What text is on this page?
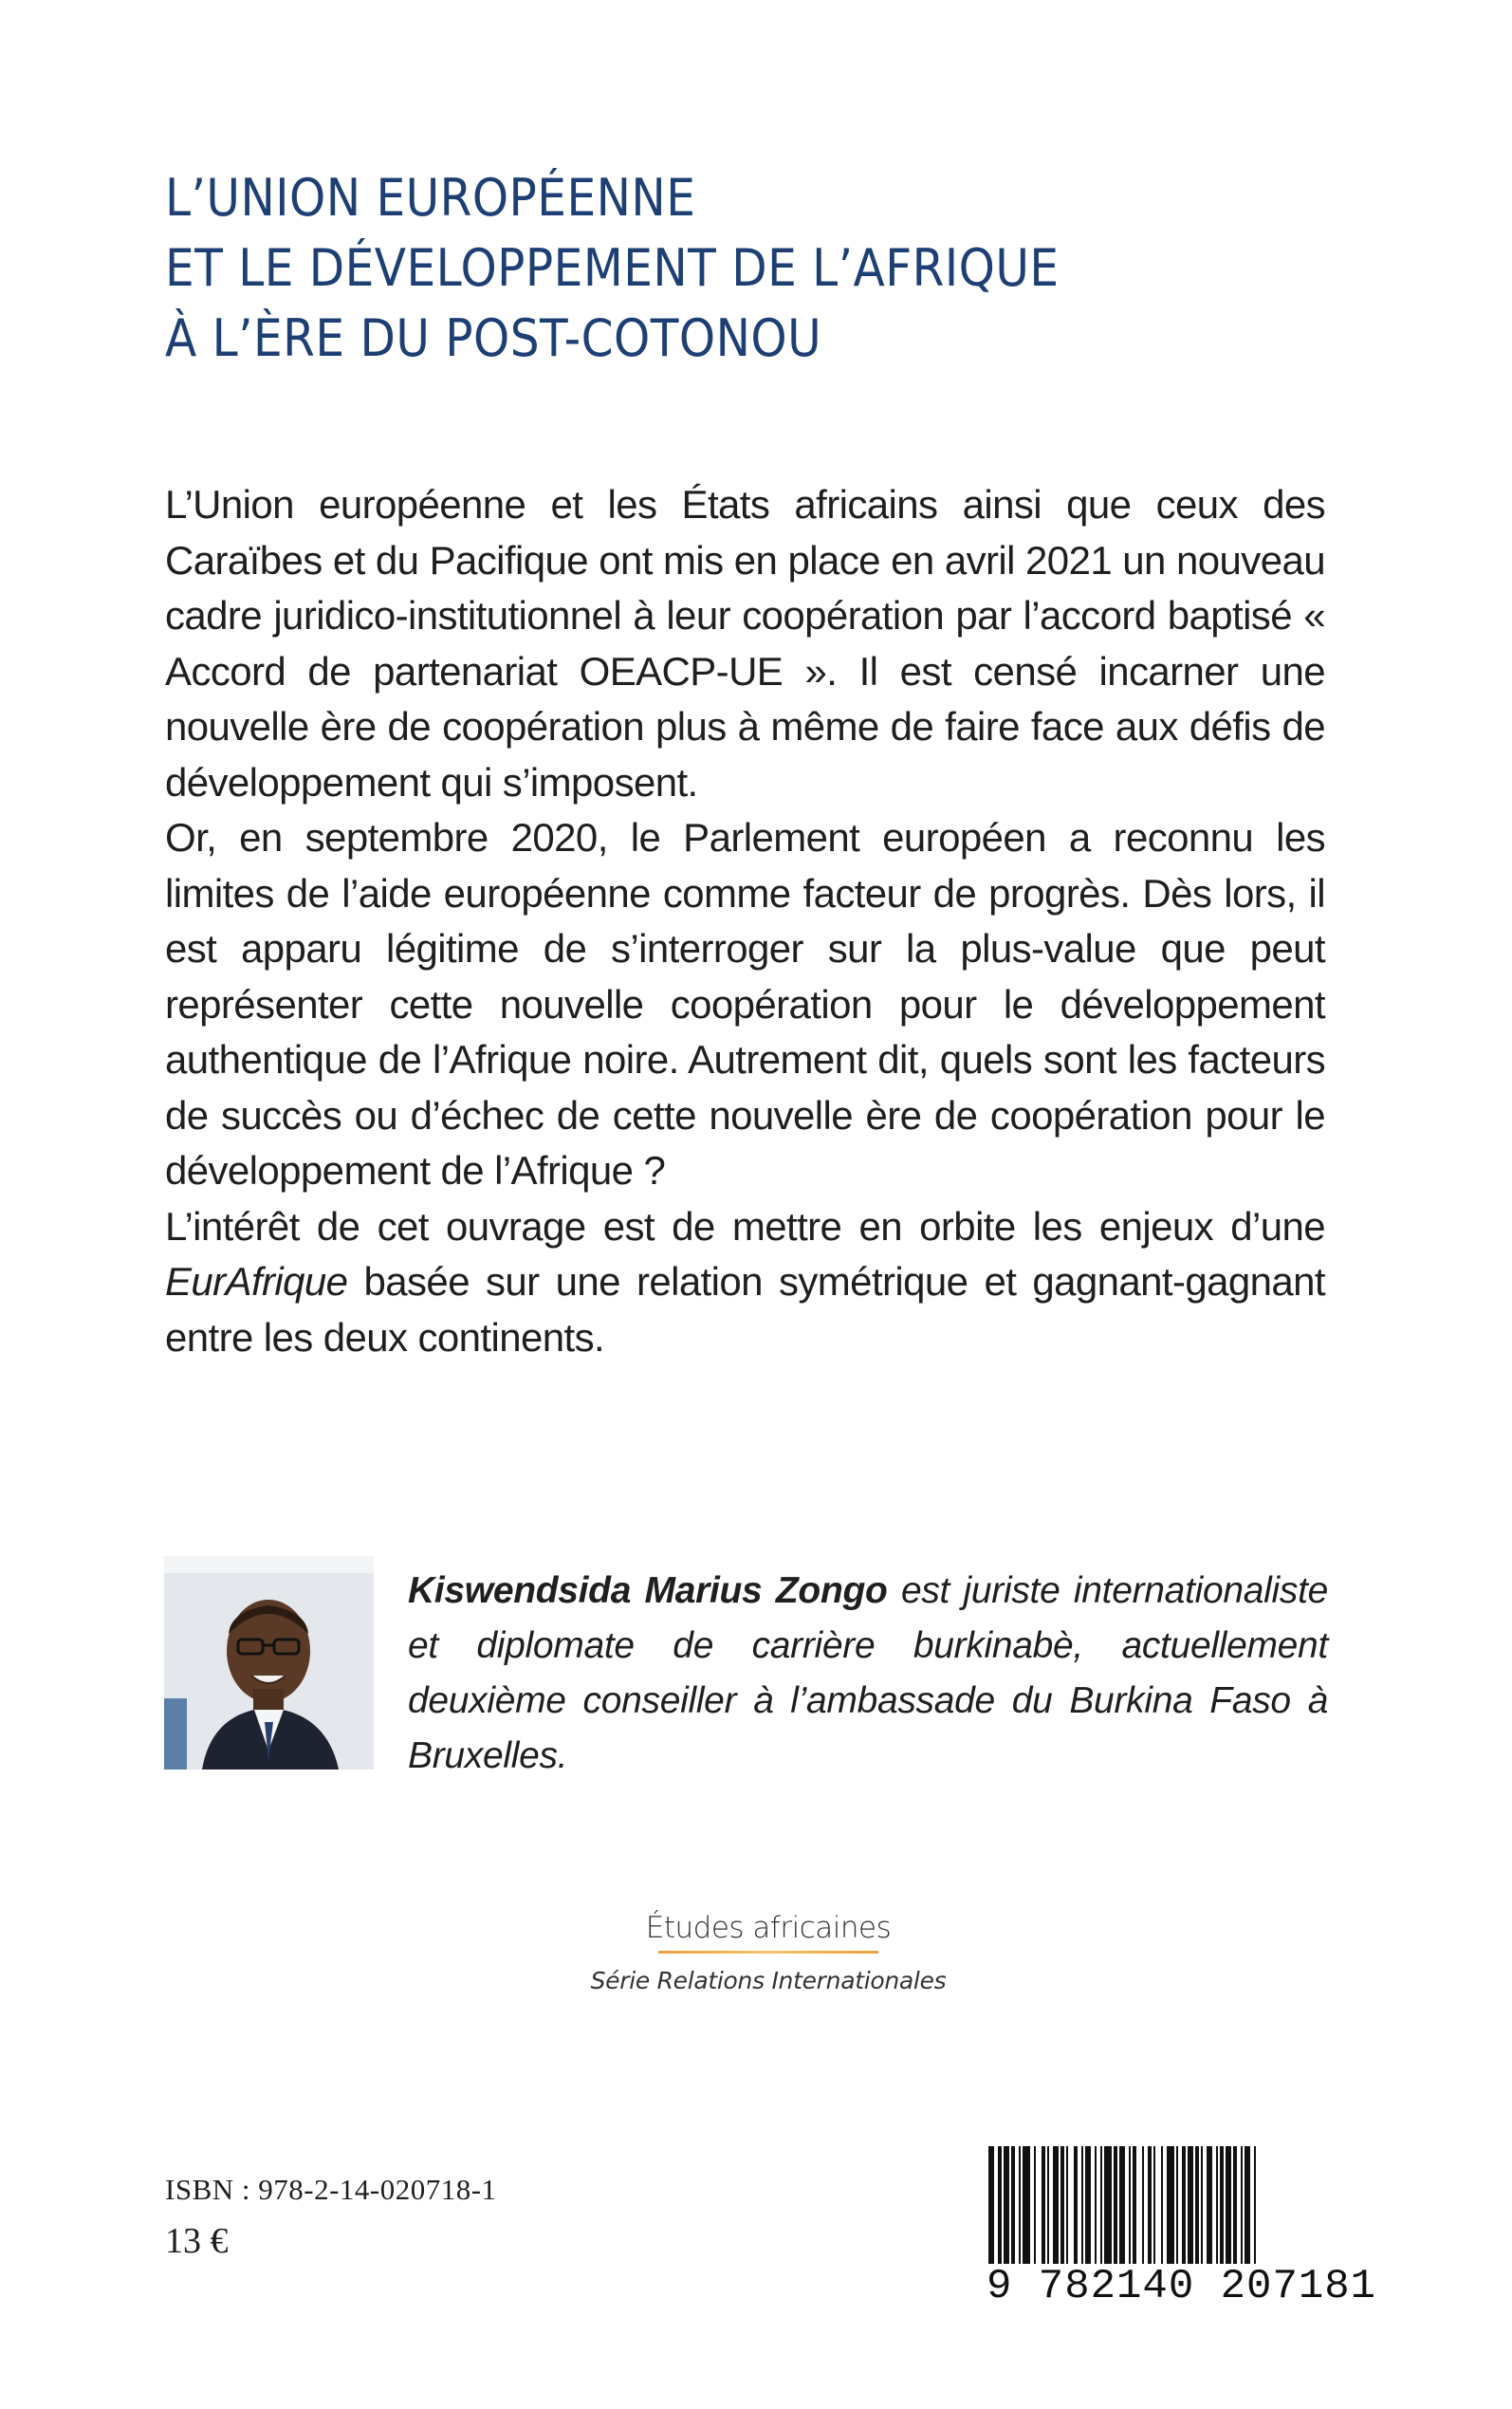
L’UNION EUROPÉENNE
ET LE DÉVELOPPEMENT DE L’AFRIQUE
À L’ÈRE DU POST-COTONOU

L’Union européenne et les États africains ainsi que ceux des Caraïbes et du Pacifique ont mis en place en avril 2021 un nouveau cadre juridico-institutionnel à leur coopération par l’accord baptisé « Accord de partenariat OEACP-UE ». Il est censé incarner une nouvelle ère de coopération plus à même de faire face aux défis de développement qui s’imposent.

Or, en septembre 2020, le Parlement européen a reconnu les limites de l’aide européenne comme facteur de progrès. Dès lors, il est apparu légitime de s’interroger sur la plus-value que peut représenter cette nouvelle coopération pour le développement authentique de l’Afrique noire. Autrement dit, quels sont les facteurs de succès ou d’échec de cette nouvelle ère de coopération pour le développement de l’Afrique ?

L’intérêt de cet ouvrage est de mettre en orbite les enjeux d’une EurAfrique basée sur une relation symétrique et gagnant-gagnant entre les deux continents.

Kiswendsida Marius Zongo est juriste internationaliste et diplomate de carrière burkinabè, actuellement deuxième conseiller à l’ambassade du Burkina Faso à Bruxelles.
Études africaines
Série Relations Internationales
ISBN : 978-2-14-020718-1
13 €
9 782140 207181
